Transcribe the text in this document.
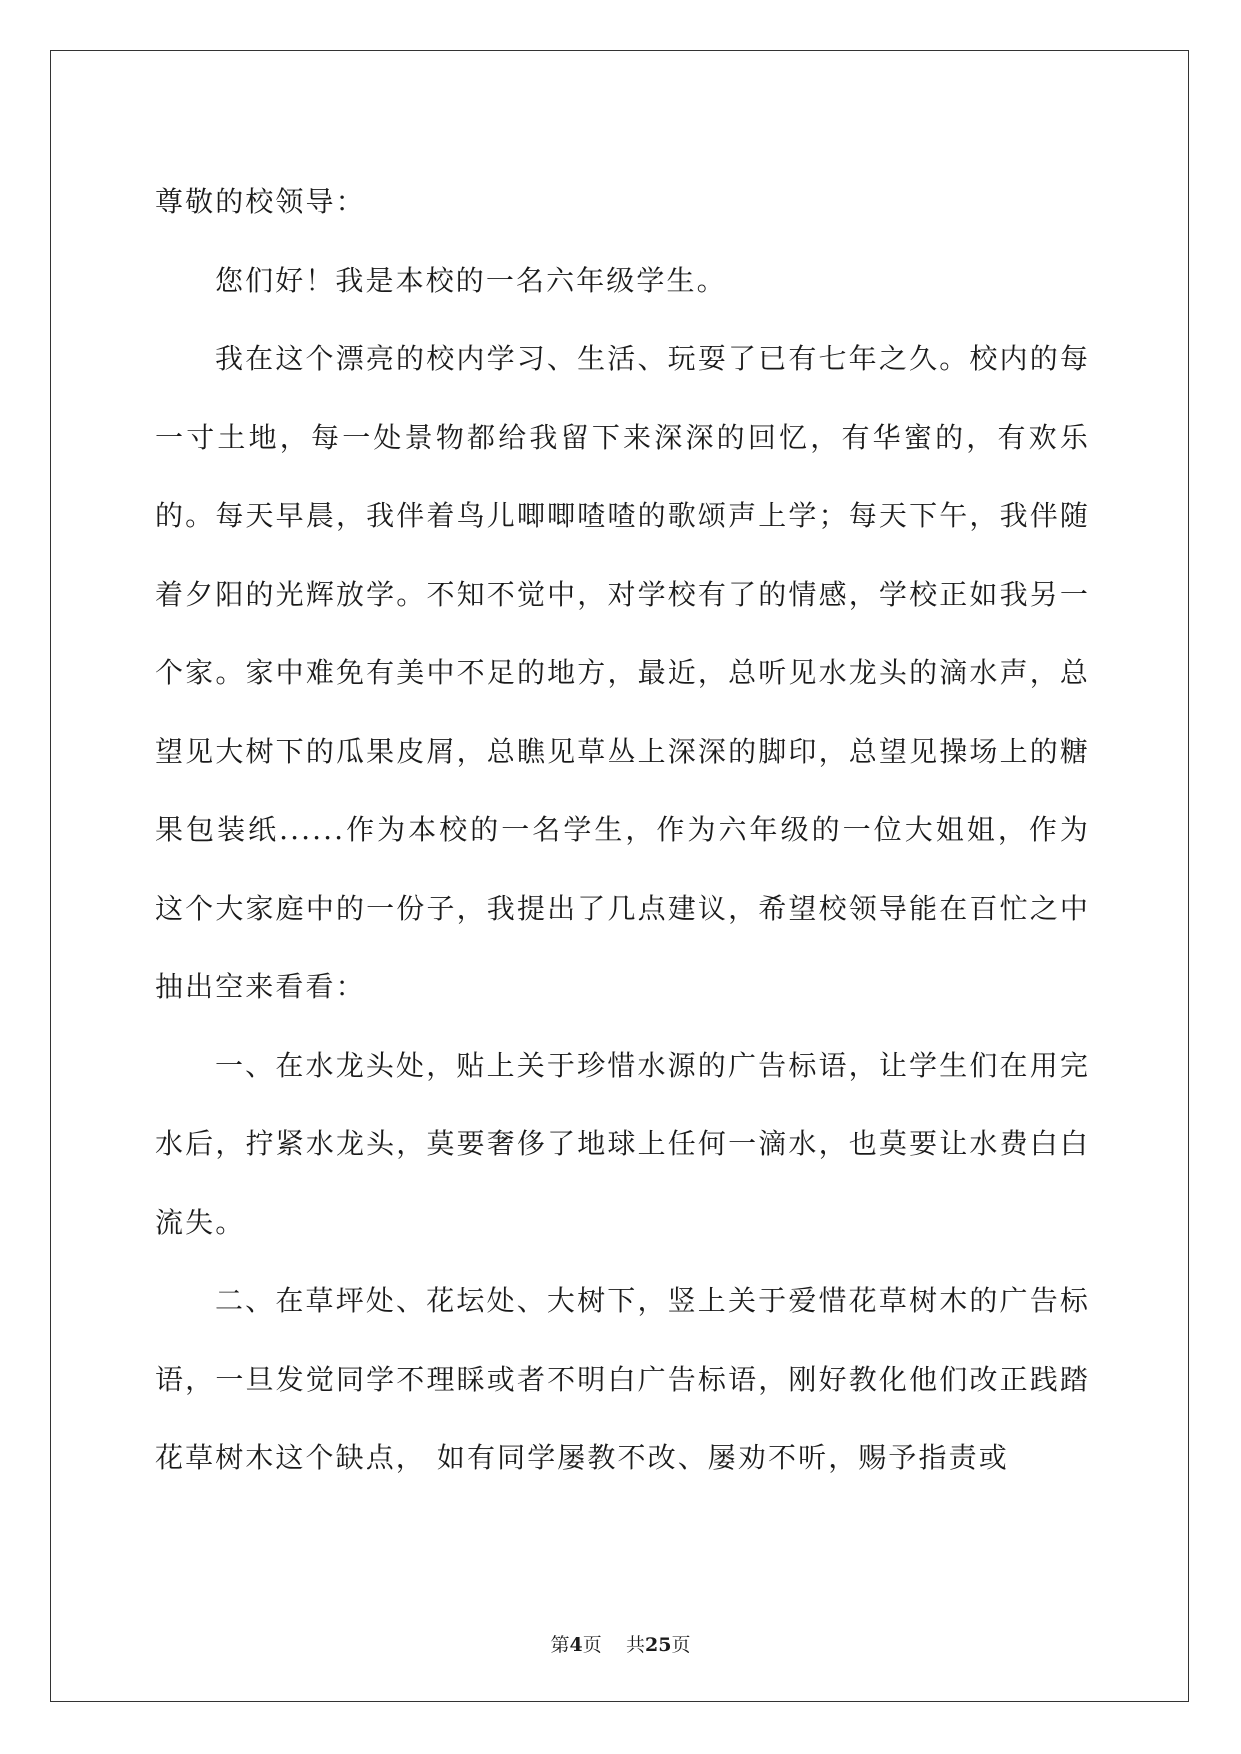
尊敬的校领导：

您们好！我是本校的一名六年级学生。

我在这个漂亮的校内学习、生活、玩耍了已有七年之久。校内的每一寸土地，每一处景物都给我留下来深深的回忆，有华蜜的，有欢乐的。每天早晨，我伴着鸟儿唧唧喳喳的歌颂声上学；每天下午，我伴随着夕阳的光辉放学。不知不觉中，对学校有了的情感，学校正如我另一个家。家中难免有美中不足的地方，最近，总听见水龙头的滴水声，总望见大树下的瓜果皮屑，总瞧见草丛上深深的脚印，总望见操场上的糖果包装纸......作为本校的一名学生，作为六年级的一位大姐姐，作为这个大家庭中的一份子，我提出了几点建议，希望校领导能在百忙之中抽出空来看看：

一、在水龙头处，贴上关于珍惜水源的广告标语，让学生们在用完水后，拧紧水龙头，莫要奢侈了地球上任何一滴水，也莫要让水费白白流失。

二、在草坪处、花坛处、大树下，竖上关于爱惜花草树木的广告标语，一旦发觉同学不理睬或者不明白广告标语，刚好教化他们改正践踏花草树木这个缺点， 如有同学屡教不改、屡劝不听，赐予指责或

第4页 共25页
